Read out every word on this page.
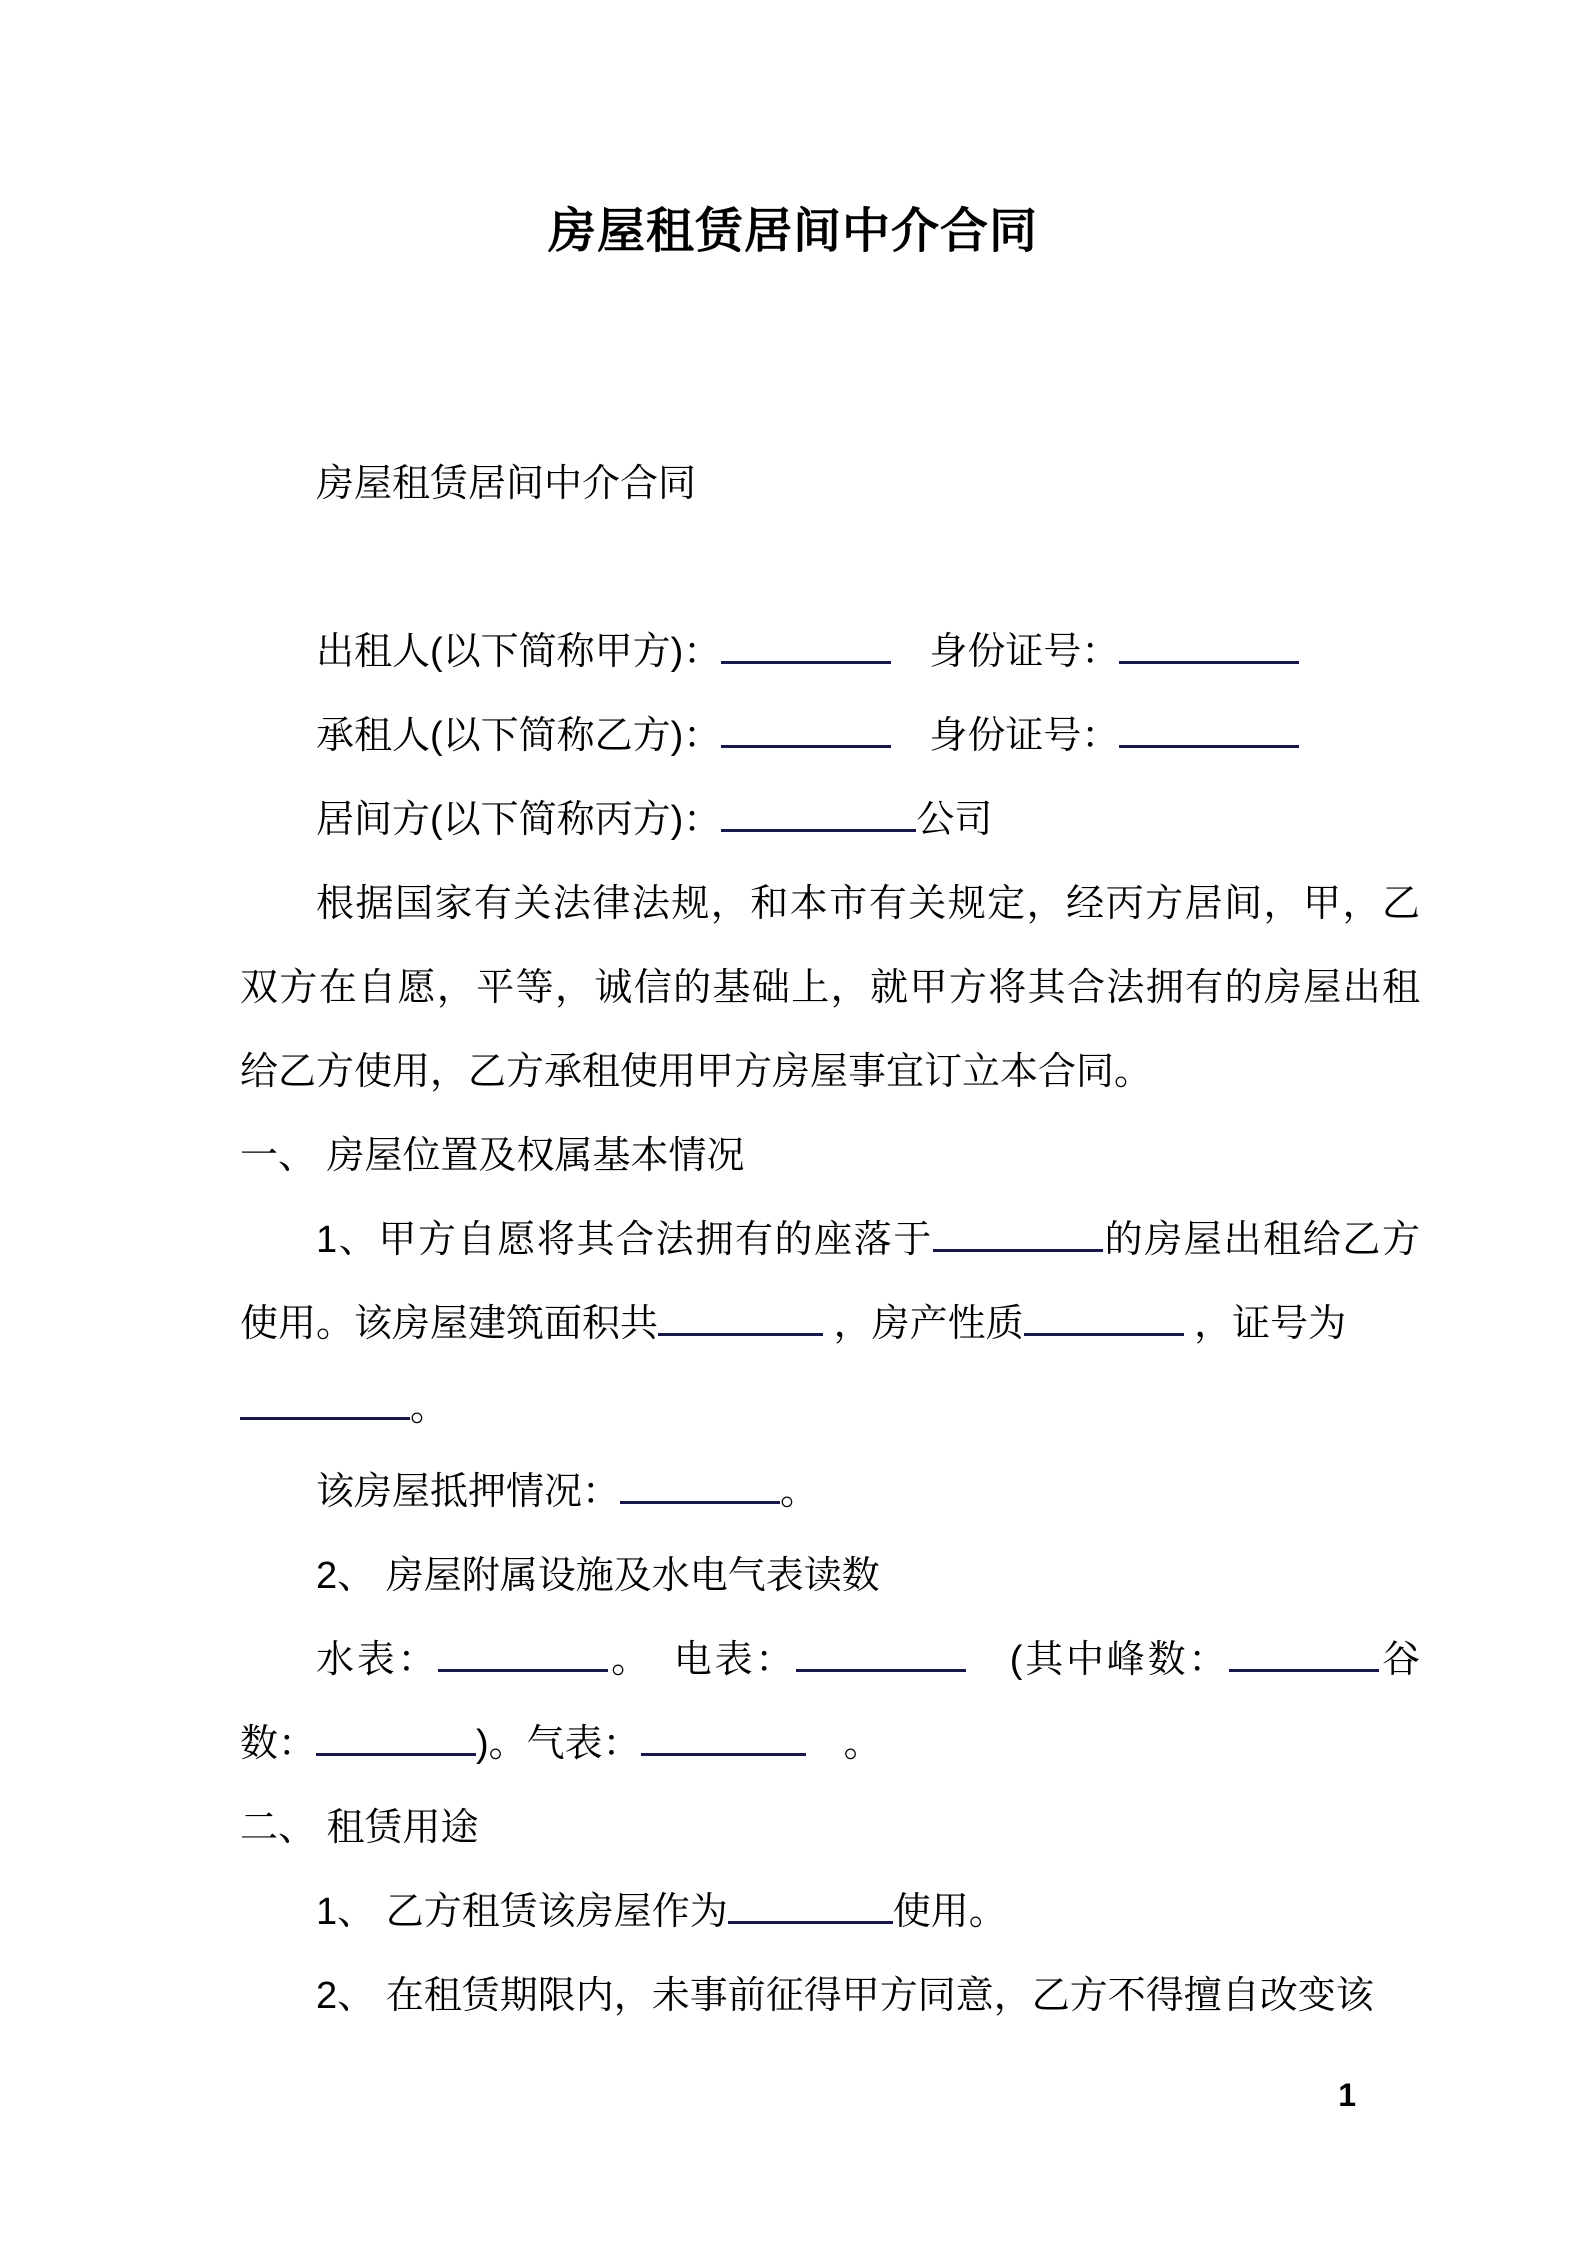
房屋租赁居间中介合同
房屋租赁居间中介合同
出租人(以下简称甲方)：	　身份证号：
承租人(以下简称乙方)：	　身份证号：
居间方(以下简称丙方)：	公司
根据国家有关法律法规，和本市有关规定，经丙方居间，甲，乙
双方在自愿，平等，诚信的基础上，就甲方将其合法拥有的房屋出租
给乙方使用，乙方承租使用甲方房屋事宜订立本合同。
一、 房屋位置及权属基本情况
1、甲方自愿将其合法拥有的座落于	的房屋出租给乙方
使用。该房屋建筑面积共	，房产性质	，证号为
。
该房屋抵押情况：	。
2、 房屋附属设施及水电气表读数
水表：	。　电表：	　(其中峰数：	谷
数：	)。气表：	　。
二、 租赁用途
1、 乙方租赁该房屋作为	使用。
2、 在租赁期限内，未事前征得甲方同意，乙方不得擅自改变该
1
